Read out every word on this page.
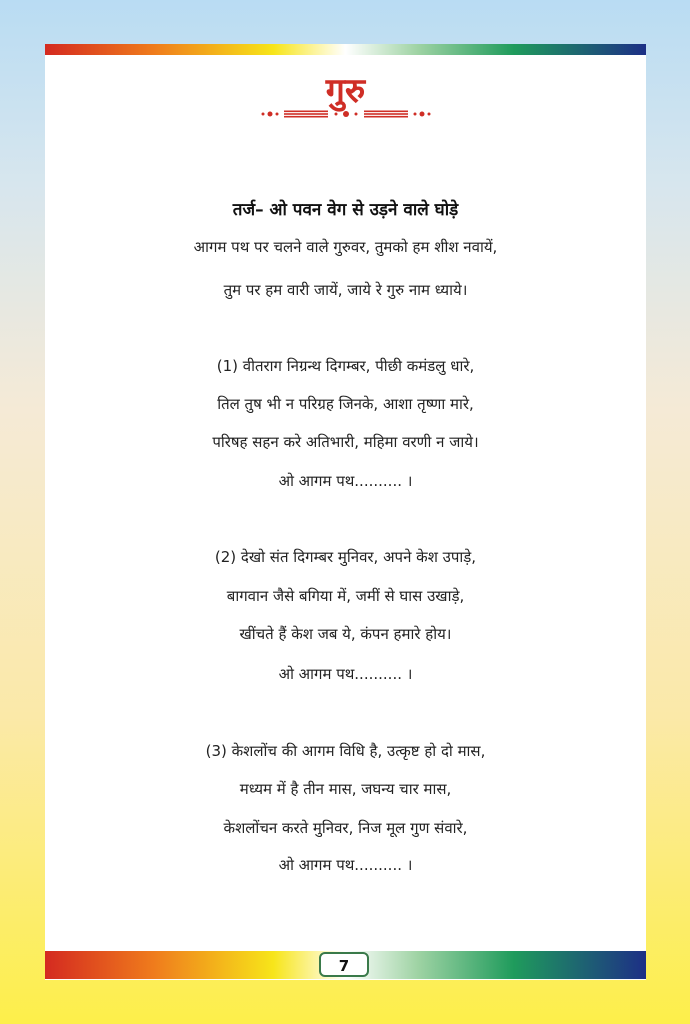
गुरु
तर्ज– ओ पवन वेग से उड़ने वाले घोड़े
आगम पथ पर चलने वाले गुरुवर, तुमको हम शीश नवायें,
तुम पर हम वारी जायें, जाये रे गुरु नाम ध्याये।
(1) वीतराग निग्रन्थ दिगम्बर, पीछी कमंडलु धारे,
तिल तुष भी न परिग्रह जिनके, आशा तृष्णा मारे,
परिषह सहन करे अतिभारी, महिमा वरणी न जाये।
ओ आगम पथ.......... ।
(2) देखो संत दिगम्बर मुनिवर, अपने केश उपाड़े,
बागवान जैसे बगिया में, जमीं से घास उखाड़े,
खींचते हैं केश जब ये, कंपन हमारे होय।
ओ आगम पथ.......... ।
(3) केशलोंच की आगम विधि है, उत्कृष्ट हो दो मास,
मध्यम में है तीन मास, जघन्य चार मास,
केशलोंचन करते मुनिवर, निज मूल गुण संवारे,
ओ आगम पथ.......... ।
7
